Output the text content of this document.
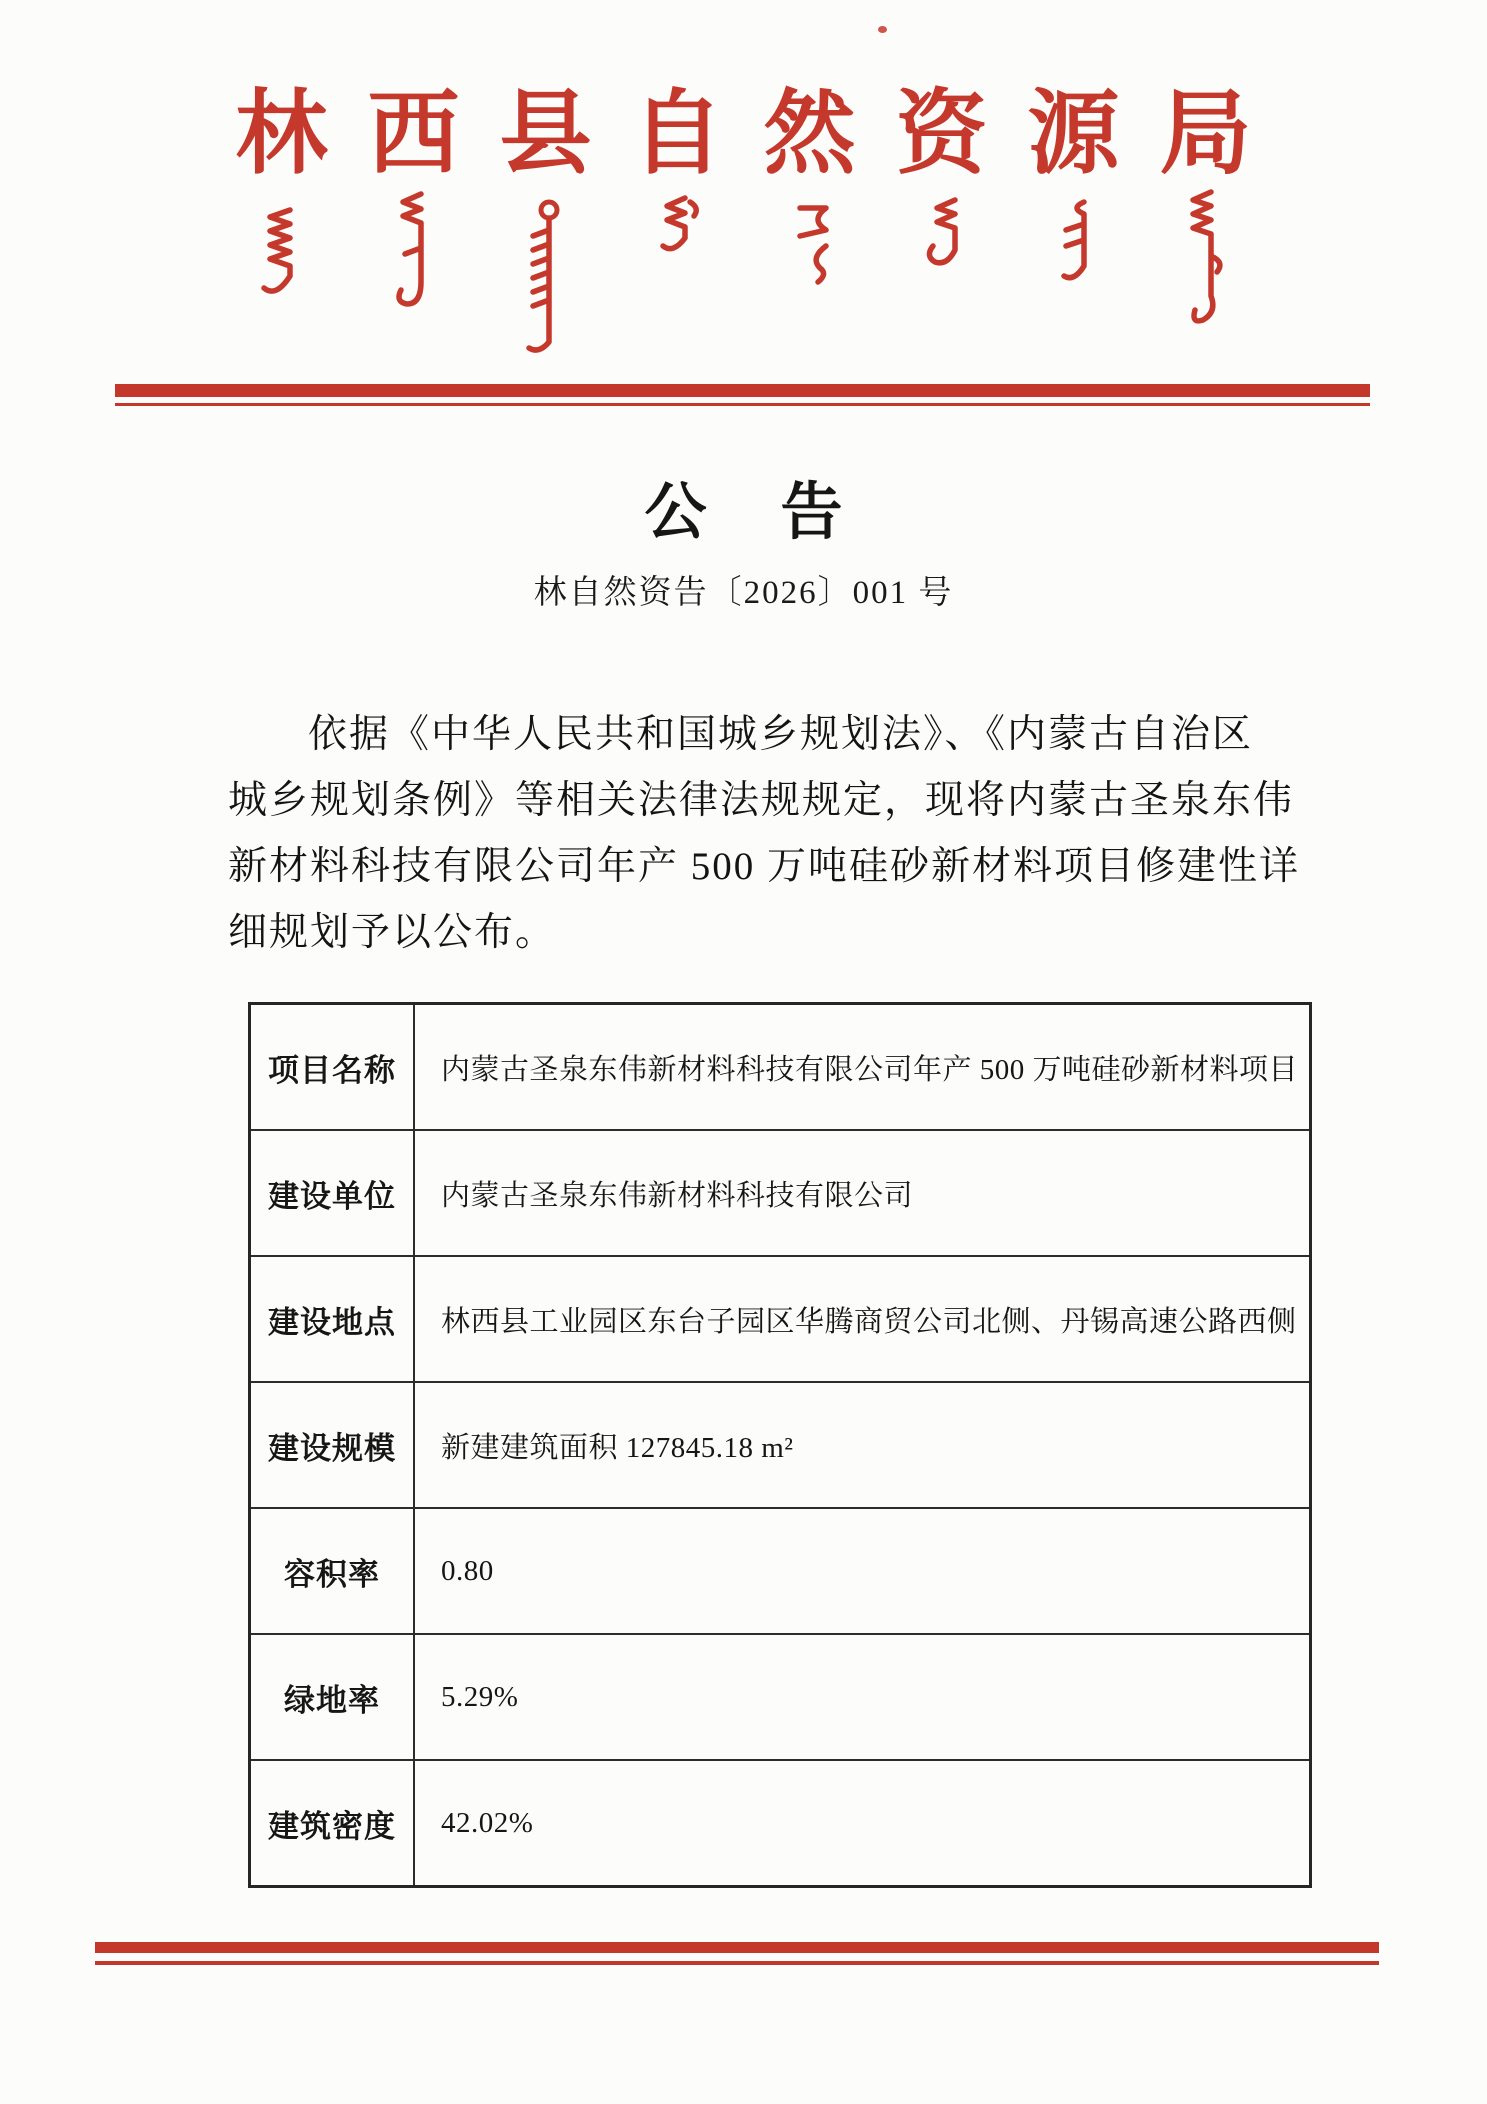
林西县自然资源局
公　告
林自然资告〔2026〕001 号

依据《中华人民共和国城乡规划法》、《内蒙古自治区

城乡规划条例》等相关法律法规规定，现将内蒙古圣泉东伟

新材料科技有限公司年产 500 万吨硅砂新材料项目修建性详

细规划予以公布。

项目名称	内蒙古圣泉东伟新材料科技有限公司年产 500 万吨硅砂新材料项目
建设单位	内蒙古圣泉东伟新材料科技有限公司
建设地点	林西县工业园区东台子园区华腾商贸公司北侧、丹锡高速公路西侧
建设规模	新建建筑面积 127845.18 m²
容积率	0.80
绿地率	5.29%
建筑密度	42.02%
